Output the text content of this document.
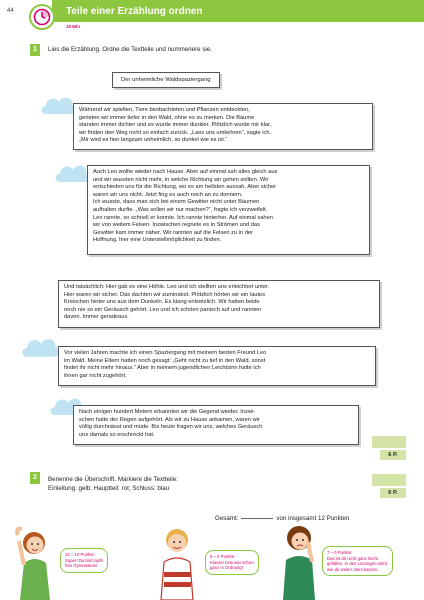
44	Teile einer Erzählung ordnen
15 Min
1	Lies die Erzählung. Ordne die Textteile und nummeriere sie.
Der unheimliche Waldspaziergang
Während wir spielten, Tiere beobachteten und Pflanzen entdeckten,
gerieten wir immer tiefer in den Wald, ohne es zu merken. Die Bäume
standen immer dichter und es wurde immer dunkler. Plötzlich wurde mir klar,
wir finden den Weg nicht so einfach zurück. „Lass uns umkehren“, sagte ich.
„Mir wird es hier langsam unheimlich, so dunkel wie es ist.“
Auch Leo wollte wieder nach Hause. Aber auf einmal sah alles gleich aus
und wir wussten nicht mehr, in welche Richtung wir gehen sollten. Wir
entschieden uns für die Richtung, wo es am hellsten aussah. Aber sicher
waren wir uns nicht. Jetzt fing es auch noch an zu donnern.
Ich wusste, dass man sich bei einem Gewitter nicht unter Bäumen
aufhalten durfte. „Was sollen wir nur machen?“, fragte ich verzweifelt.
Leo rannte, so schnell er konnte. Ich rannte hinterher. Auf einmal sahen
wir von weitem Felsen. Inzwischen regnete es in Strömen und das
Gewitter kam immer näher. Wir rannten auf die Felsen zu in der
Hoffnung, hier eine Unterstellmöglichkeit zu finden.
Und tatsächlich: Hier gab es eine Höhle. Leo und ich stellten uns erleichtert unter.
Hier waren wir sicher. Das dachten wir zumindest. Plötzlich hörten wir ein lautes
Kreischen hinter uns aus dem Dunkeln. Es klang entsetzlich. Wir hatten beide
noch nie so ein Geräusch gehört. Leo und ich schrien panisch auf und rannten
davon. Immer geradeaus.
Vor vielen Jahren machte ich einen Spaziergang mit meinem besten Freund Leo
im Wald. Meine Eltern hatten noch gesagt: „Geht nicht zu tief in den Wald, sonst
findet ihr nicht mehr hinaus.“ Aber in meinem jugendlichen Leichtsinn hatte ich
ihnen gar nicht zugehört.
Nach einigen hundert Metern erkannten wir die Gegend wieder. Inzwi-
schen hatte der Regen aufgehört. Als wir zu Hause ankamen, waren wir
völlig durchnässt und müde. Bis heute fragen wir uns, welches Geräusch
uns damals so erschreckt hat.
6 P.
2	Benenne die Überschrift. Markiere die Textteile:
Einleitung: gelb; Hauptteil: rot; Schluss: blau
6 P.
Gesamt:	von insgesamt 12 Punkten
12 – 10 Punkte:
Super! Du bist topfit
fürs Gymnasium!
9 – 8 Punkte:
Klasse! Das war schon
ganz in Ordnung!
7 – 0 Punkte:
Das ist dir nicht ganz leicht
gefallen. In den Lösungen steht,
wie du weiter üben kannst.
